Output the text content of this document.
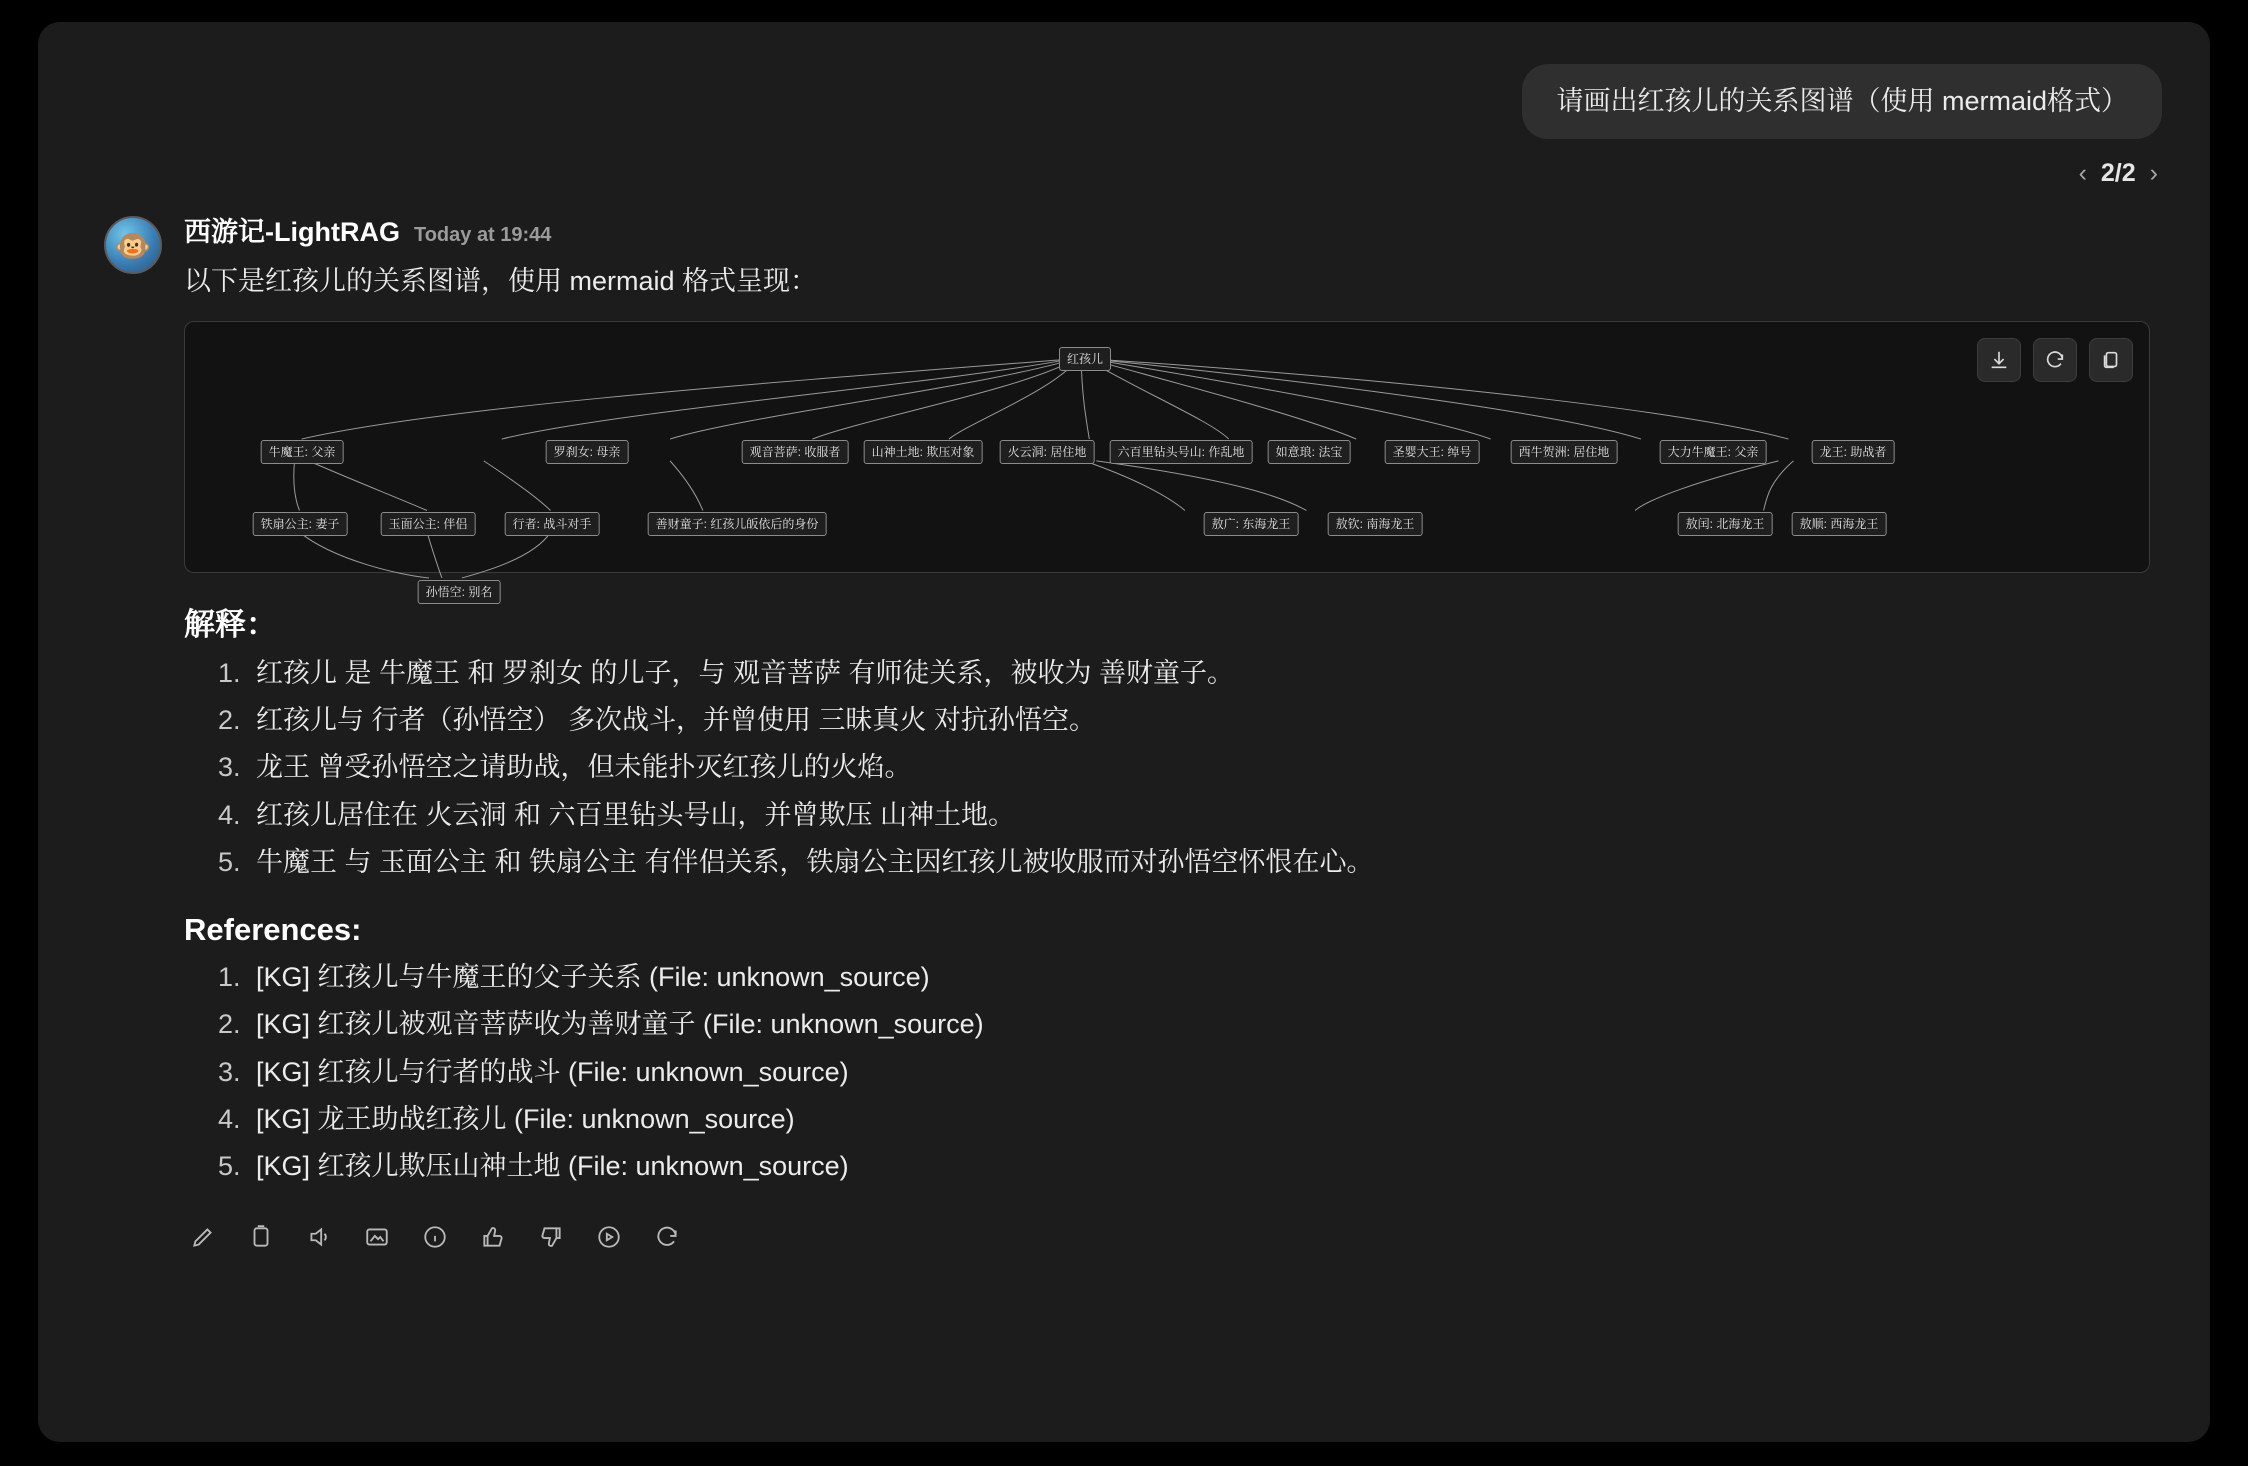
请画出红孩儿的关系图谱（使用 mermaid格式）
‹ 2/2 ›
🐵 西游记-LightRAG Today at 19:44
以下是红孩儿的关系图谱，使用 mermaid 格式呈现：
红孩儿
牛魔王: 父亲	罗刹女: 母亲	观音菩萨: 收服者	山神土地: 欺压对象	火云洞: 居住地	六百里钻头号山: 作乱地	如意琅: 法宝	圣婴大王: 绰号	西牛贺洲: 居住地	大力牛魔王: 父亲	龙王: 助战者
铁扇公主: 妻子	玉面公主: 伴侣	行者: 战斗对手	善财童子: 红孩儿皈依后的身份	敖广: 东海龙王	敖钦: 南海龙王	敖闰: 北海龙王	敖顺: 西海龙王
孙悟空: 别名
解释：
1. 红孩儿 是 牛魔王 和 罗刹女 的儿子，与 观音菩萨 有师徒关系，被收为 善财童子。
2. 红孩儿与 行者（孙悟空） 多次战斗，并曾使用 三昧真火 对抗孙悟空。
3. 龙王 曾受孙悟空之请助战，但未能扑灭红孩儿的火焰。
4. 红孩儿居住在 火云洞 和 六百里钻头号山，并曾欺压 山神土地。
5. 牛魔王 与 玉面公主 和 铁扇公主 有伴侣关系，铁扇公主因红孩儿被收服而对孙悟空怀恨在心。
References:
1. [KG] 红孩儿与牛魔王的父子关系 (File: unknown_source)
2. [KG] 红孩儿被观音菩萨收为善财童子 (File: unknown_source)
3. [KG] 红孩儿与行者的战斗 (File: unknown_source)
4. [KG] 龙王助战红孩儿 (File: unknown_source)
5. [KG] 红孩儿欺压山神土地 (File: unknown_source)
